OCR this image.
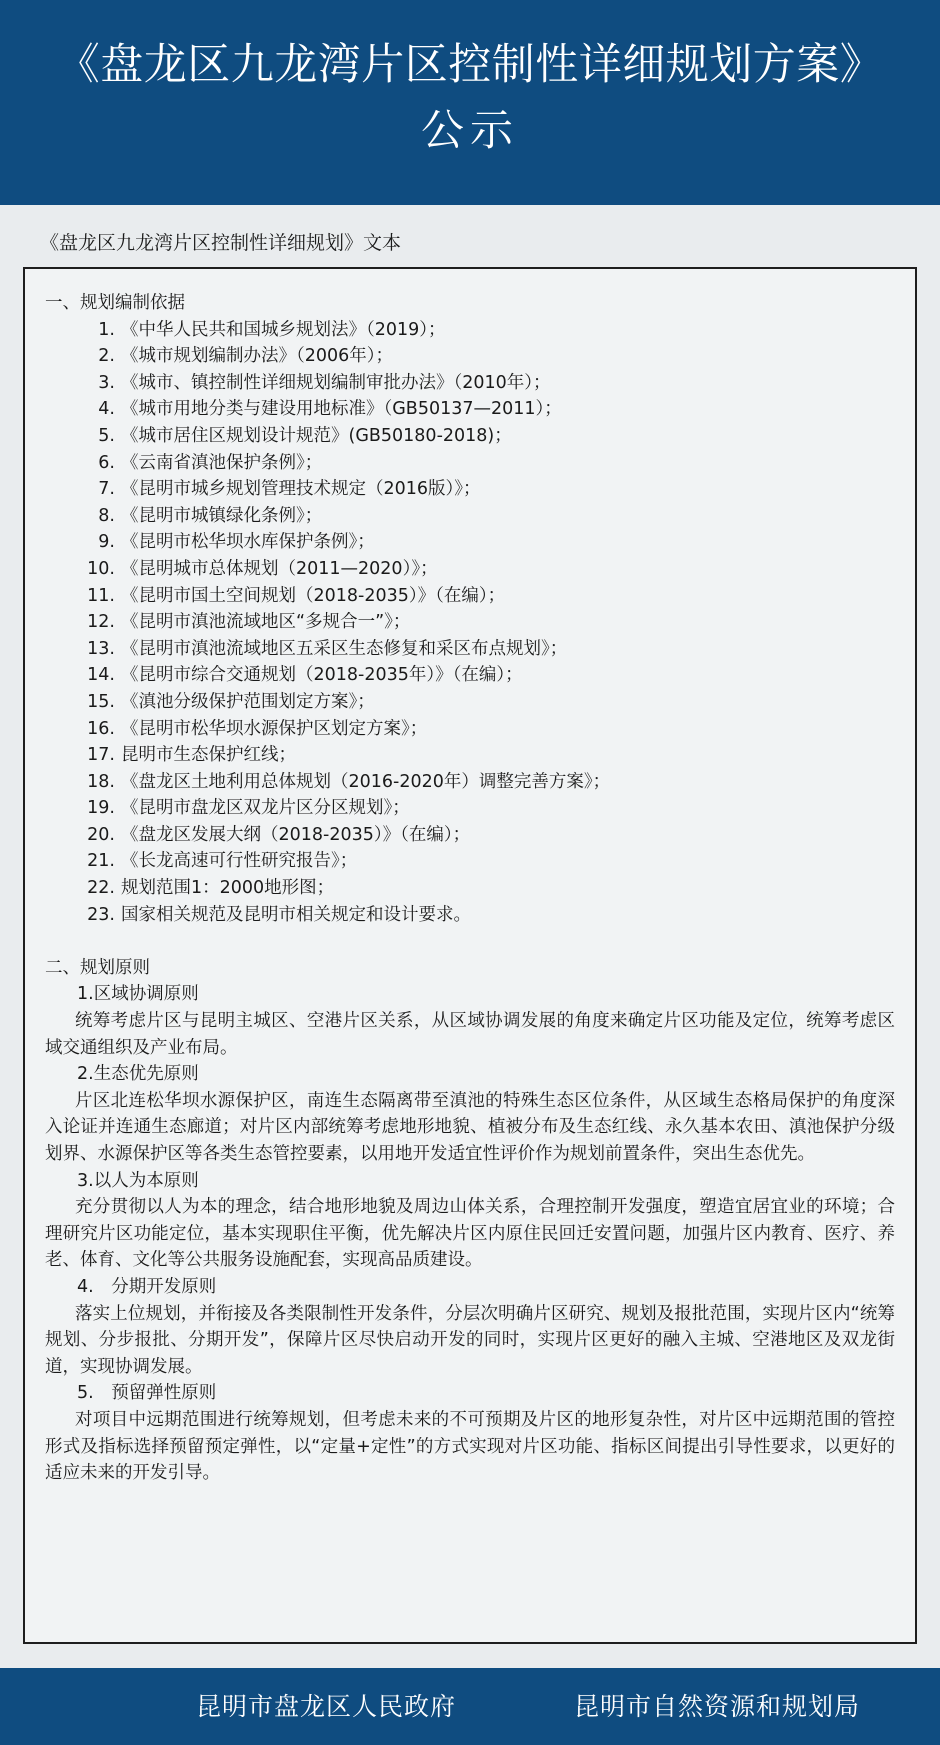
《盘龙区九龙湾片区控制性详细规划方案》
公示
《盘龙区九龙湾片区控制性详细规划》文本
一、规划编制依据
1. 《中华人民共和国城乡规划法》（2019）；
2. 《城市规划编制办法》（2006年）；
3. 《城市、镇控制性详细规划编制审批办法》（2010年）；
4. 《城市用地分类与建设用地标准》（GB50137—2011）；
5. 《城市居住区规划设计规范》(GB50180-2018)；
6. 《云南省滇池保护条例》；
7. 《昆明市城乡规划管理技术规定（2016版）》；
8. 《昆明市城镇绿化条例》；
9. 《昆明市松华坝水库保护条例》；
10. 《昆明城市总体规划（2011—2020）》；
11. 《昆明市国土空间规划（2018-2035）》（在编）；
12. 《昆明市滇池流域地区“多规合一”》；
13. 《昆明市滇池流域地区五采区生态修复和采区布点规划》；
14. 《昆明市综合交通规划（2018-2035年）》（在编）；
15. 《滇池分级保护范围划定方案》；
16. 《昆明市松华坝水源保护区划定方案》；
17. 昆明市生态保护红线；
18. 《盘龙区土地利用总体规划（2016-2020年）调整完善方案》；
19. 《昆明市盘龙区双龙片区分区规划》；
20. 《盘龙区发展大纲（2018-2035）》（在编）；
21. 《长龙高速可行性研究报告》；
22. 规划范围1：2000地形图；
23. 国家相关规范及昆明市相关规定和设计要求。
二、规划原则
1.区域协调原则

统筹考虑片区与昆明主城区、空港片区关系，从区域协调发展的角度来确定片区功能及定位，统筹考虑区域交通组织及产业布局。

2.生态优先原则

片区北连松华坝水源保护区，南连生态隔离带至滇池的特殊生态区位条件，从区域生态格局保护的角度深入论证并连通生态廊道；对片区内部统筹考虑地形地貌、植被分布及生态红线、永久基本农田、滇池保护分级划界、水源保护区等各类生态管控要素，以用地开发适宜性评价作为规划前置条件，突出生态优先。

3.以人为本原则

充分贯彻以人为本的理念，结合地形地貌及周边山体关系，合理控制开发强度，塑造宜居宜业的环境；合理研究片区功能定位，基本实现职住平衡，优先解决片区内原住民回迁安置问题，加强片区内教育、医疗、养老、体育、文化等公共服务设施配套，实现高品质建设。

4.　分期开发原则

落实上位规划，并衔接及各类限制性开发条件，分层次明确片区研究、规划及报批范围，实现片区内“统筹规划、分步报批、分期开发”，保障片区尽快启动开发的同时，实现片区更好的融入主城、空港地区及双龙街道，实现协调发展。

5.　预留弹性原则

对项目中远期范围进行统筹规划，但考虑未来的不可预期及片区的地形复杂性，对片区中远期范围的管控形式及指标选择预留预定弹性，以“定量+定性”的方式实现对片区功能、指标区间提出引导性要求，以更好的适应未来的开发引导。

昆明市盘龙区人民政府	昆明市自然资源和规划局
